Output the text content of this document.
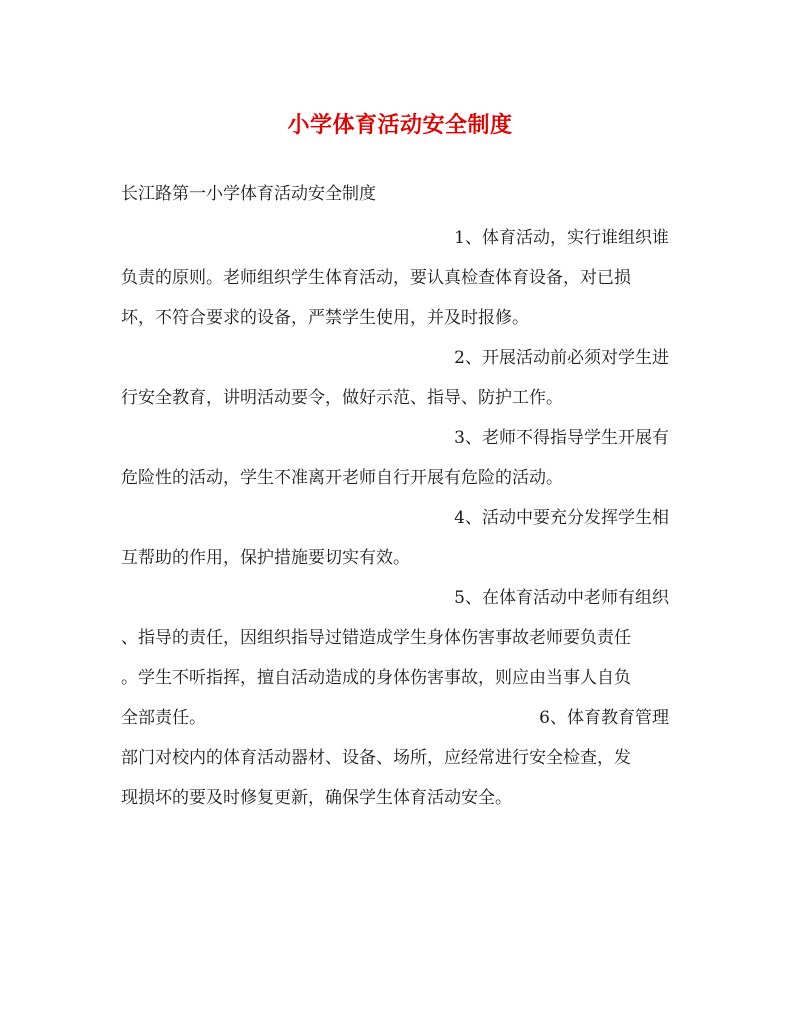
小学体育活动安全制度
长江路第一小学体育活动安全制度
1、体育活动，实行谁组织谁
负责的原则。老师组织学生体育活动，要认真检查体育设备，对已损
坏，不符合要求的设备，严禁学生使用，并及时报修。
2、开展活动前必须对学生进
行安全教育，讲明活动要令，做好示范、指导、防护工作。
3、老师不得指导学生开展有
危险性的活动，学生不准离开老师自行开展有危险的活动。
4、活动中要充分发挥学生相
互帮助的作用，保护措施要切实有效。
5、在体育活动中老师有组织
、指导的责任，因组织指导过错造成学生身体伤害事故老师要负责任
。学生不听指挥，擅自活动造成的身体伤害事故，则应由当事人自负
全部责任。	6、体育教育管理
部门对校内的体育活动器材、设备、场所，应经常进行安全检查，发
现损坏的要及时修复更新，确保学生体育活动安全。
